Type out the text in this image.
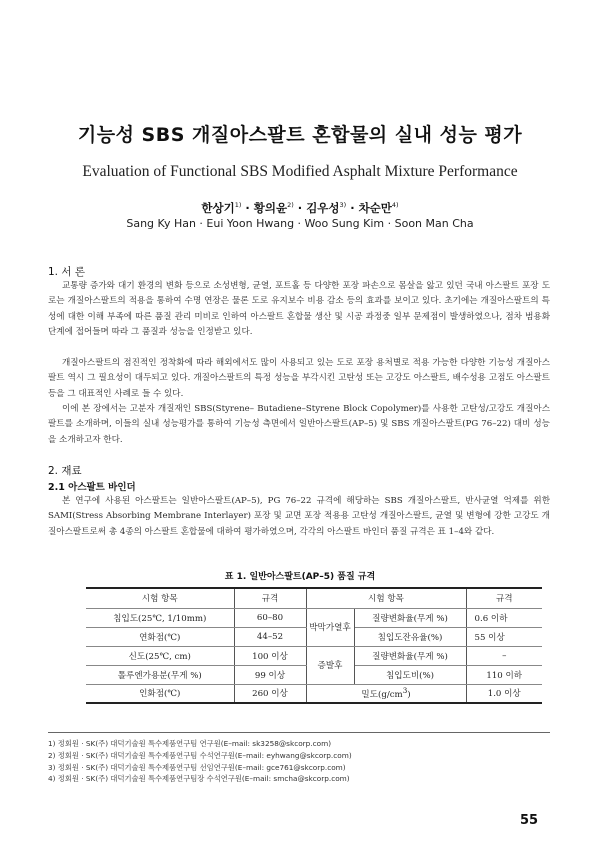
기능성 SBS 개질아스팔트 혼합물의 실내 성능 평가
Evaluation of Functional SBS Modified Asphalt Mixture Performance
한상기$^{1)}$ · 황의윤$^{2)}$ · 김우성$^{3)}$ · 차순만$^{4)}$
Sang Ky Han · Eui Yoon Hwang · Woo Sung Kim · Soon Man Cha
1. 서 론
교통량 증가와 대기 환경의 변화 등으로 소성변형, 균열, 포트홀 등 다양한 포장 파손으로 몸살을 앓고 있던 국내 아스팔트 포장 도로는 개질아스팔트의 적용을 통하여 수명 연장은 물론 도로 유지보수 비용 감소 등의 효과를 보이고 있다. 초기에는 개질아스팔트의 특성에 대한 이해 부족에 따른 품질 관리 미비로 인하여 아스팔트 혼합물 생산 및 시공 과정중 일부 문제점이 발생하였으나, 점차 범용화 단계에 접어들며 따라 그 품질과 성능을 인정받고 있다.
개질아스팔트의 점진적인 정착화에 따라 해외에서도 많이 사용되고 있는 도로 포장 용처별로 적용 가능한 다양한 기능성 개질아스팔트 역시 그 필요성이 대두되고 있다. 개질아스팔트의 특정 성능을 부각시킨 고탄성 또는 고강도 아스팔트, 배수성용 고점도 아스팔트 등을 그 대표적인 사례로 들 수 있다.
이에 본 장에서는 고분자 개질재인 SBS(Styrene– Butadiene–Styrene Block Copolymer)를 사용한 고탄성/고강도 개질아스팔트를 소개하며, 이들의 실내 성능평가를 통하여 기능성 측면에서 일반아스팔트(AP–5) 및 SBS 개질아스팔트(PG 76–22) 대비 성능을 소개하고자 한다.
2. 재료
2.1 아스팔트 바인더
본 연구에 사용된 아스팔트는 일반아스팔트(AP–5), PG 76–22 규격에 해당하는 SBS 개질아스팔트, 반사균열 억제를 위한 SAMI(Stress Absorbing Membrane Interlayer) 포장 및 교면 포장 적용용 고탄성 개질아스팔트, 균열 및 변형에 강한 고강도 개질아스팔트로써 총 4종의 아스팔트 혼합물에 대하여 평가하였으며, 각각의 아스팔트 바인더 품질 규격은 표 1–4와 같다.
표 1. 일반아스팔트(AP–5) 품질 규격
시험 항목	규격	시험 항목		규격
침입도(25℃, 1/10mm)	60–80	박막가열후	질량변화율(무게 %)	0.6 이하
연화점(℃)	44–52		침입도잔유율(%)	55 이상
신도(25℃, cm)	100 이상	증발후	질량변화율(무게 %)	–
톨루엔가용분(무게 %)	99 이상		침입도비(%)	110 이하
인화점(℃)	260 이상	밀도$(g/cm^3)$		1.0 이상
1) 정회원 · SK(주) 대덕기술원 특수제품연구팀 연구원(E–mail: sk3258@skcorp.com)
2) 정회원 · SK(주) 대덕기술원 특수제품연구팀 수석연구원(E–mail: eyhwang@skcorp.com)
3) 정회원 · SK(주) 대덕기술원 특수제품연구팀 선임연구원(E–mail: gce761@skcorp.com)
4) 정회원 · SK(주) 대덕기술원 특수제품연구팀장 수석연구원(E–mail: smcha@skcorp.com)
55
